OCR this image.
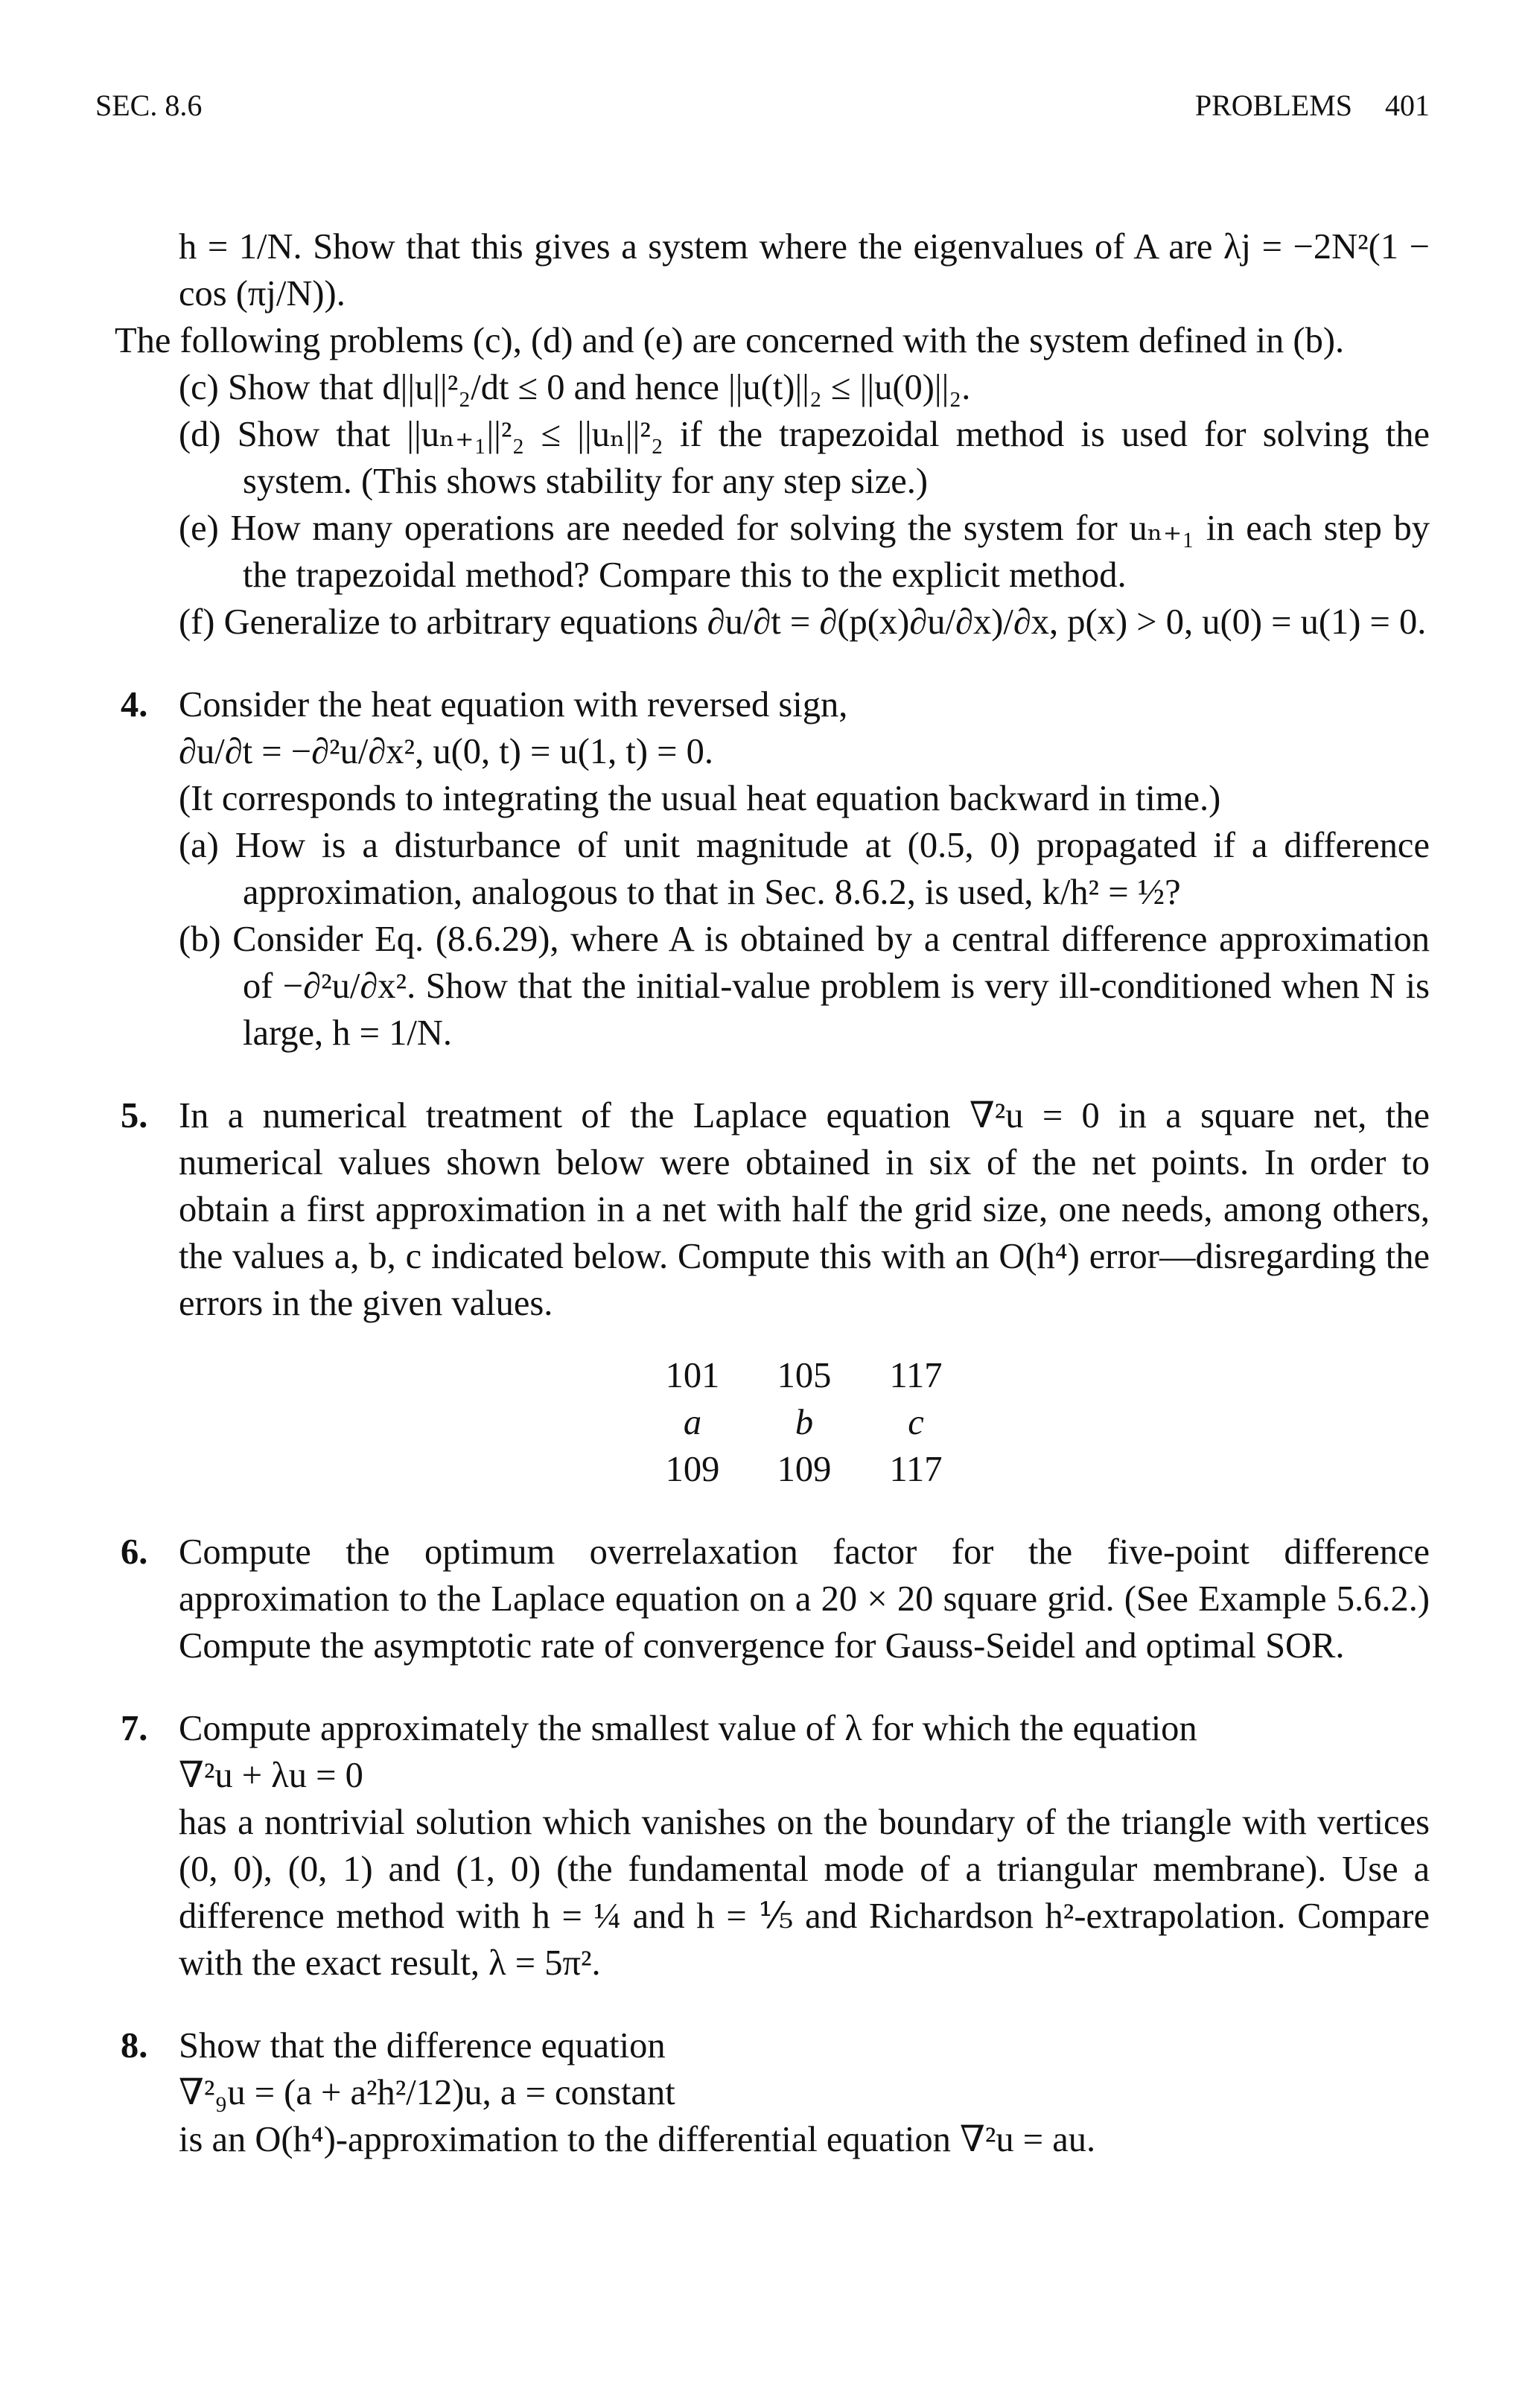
SEC. 8.6	PROBLEMS 401

h = 1/N. Show that this gives a system where the eigenvalues of A are λj = −2N²(1 − cos (πj/N)).

The following problems (c), (d) and (e) are concerned with the system defined in (b).

(c) Show that d||u||²₂/dt ≤ 0 and hence ||u(t)||₂ ≤ ||u(0)||₂.

(d) Show that ||uₙ₊₁||²₂ ≤ ||uₙ||²₂ if the trapezoidal method is used for solving the system. (This shows stability for any step size.)

(e) How many operations are needed for solving the system for uₙ₊₁ in each step by the trapezoidal method? Compare this to the explicit method.

(f) Generalize to arbitrary equations ∂u/∂t = ∂(p(x)∂u/∂x)/∂x, p(x) > 0, u(0) = u(1) = 0.

4. Consider the heat equation with reversed sign,

∂u/∂t = −∂²u/∂x², u(0, t) = u(1, t) = 0.

(It corresponds to integrating the usual heat equation backward in time.)

(a) How is a disturbance of unit magnitude at (0.5, 0) propagated if a difference approximation, analogous to that in Sec. 8.6.2, is used, k/h² = ½?

(b) Consider Eq. (8.6.29), where A is obtained by a central difference approximation of −∂²u/∂x². Show that the initial-value problem is very ill-conditioned when N is large, h = 1/N.

5. In a numerical treatment of the Laplace equation ∇²u = 0 in a square net, the numerical values shown below were obtained in six of the net points. In order to obtain a first approximation in a net with half the grid size, one needs, among others, the values a, b, c indicated below. Compute this with an O(h⁴) error—disregarding the errors in the given values.

101	105	117
a	b	c
109	109	117
6. Compute the optimum overrelaxation factor for the five-point difference approximation to the Laplace equation on a 20 × 20 square grid. (See Example 5.6.2.) Compute the asymptotic rate of convergence for Gauss-Seidel and optimal SOR.

7. Compute approximately the smallest value of λ for which the equation

∇²u + λu = 0

has a nontrivial solution which vanishes on the boundary of the triangle with vertices (0, 0), (0, 1) and (1, 0) (the fundamental mode of a triangular membrane). Use a difference method with h = ¼ and h = ⅕ and Richardson h²-extrapolation. Compare with the exact result, λ = 5π².

8. Show that the difference equation

∇²₉u = (a + a²h²/12)u, a = constant

is an O(h⁴)-approximation to the differential equation ∇²u = au.
